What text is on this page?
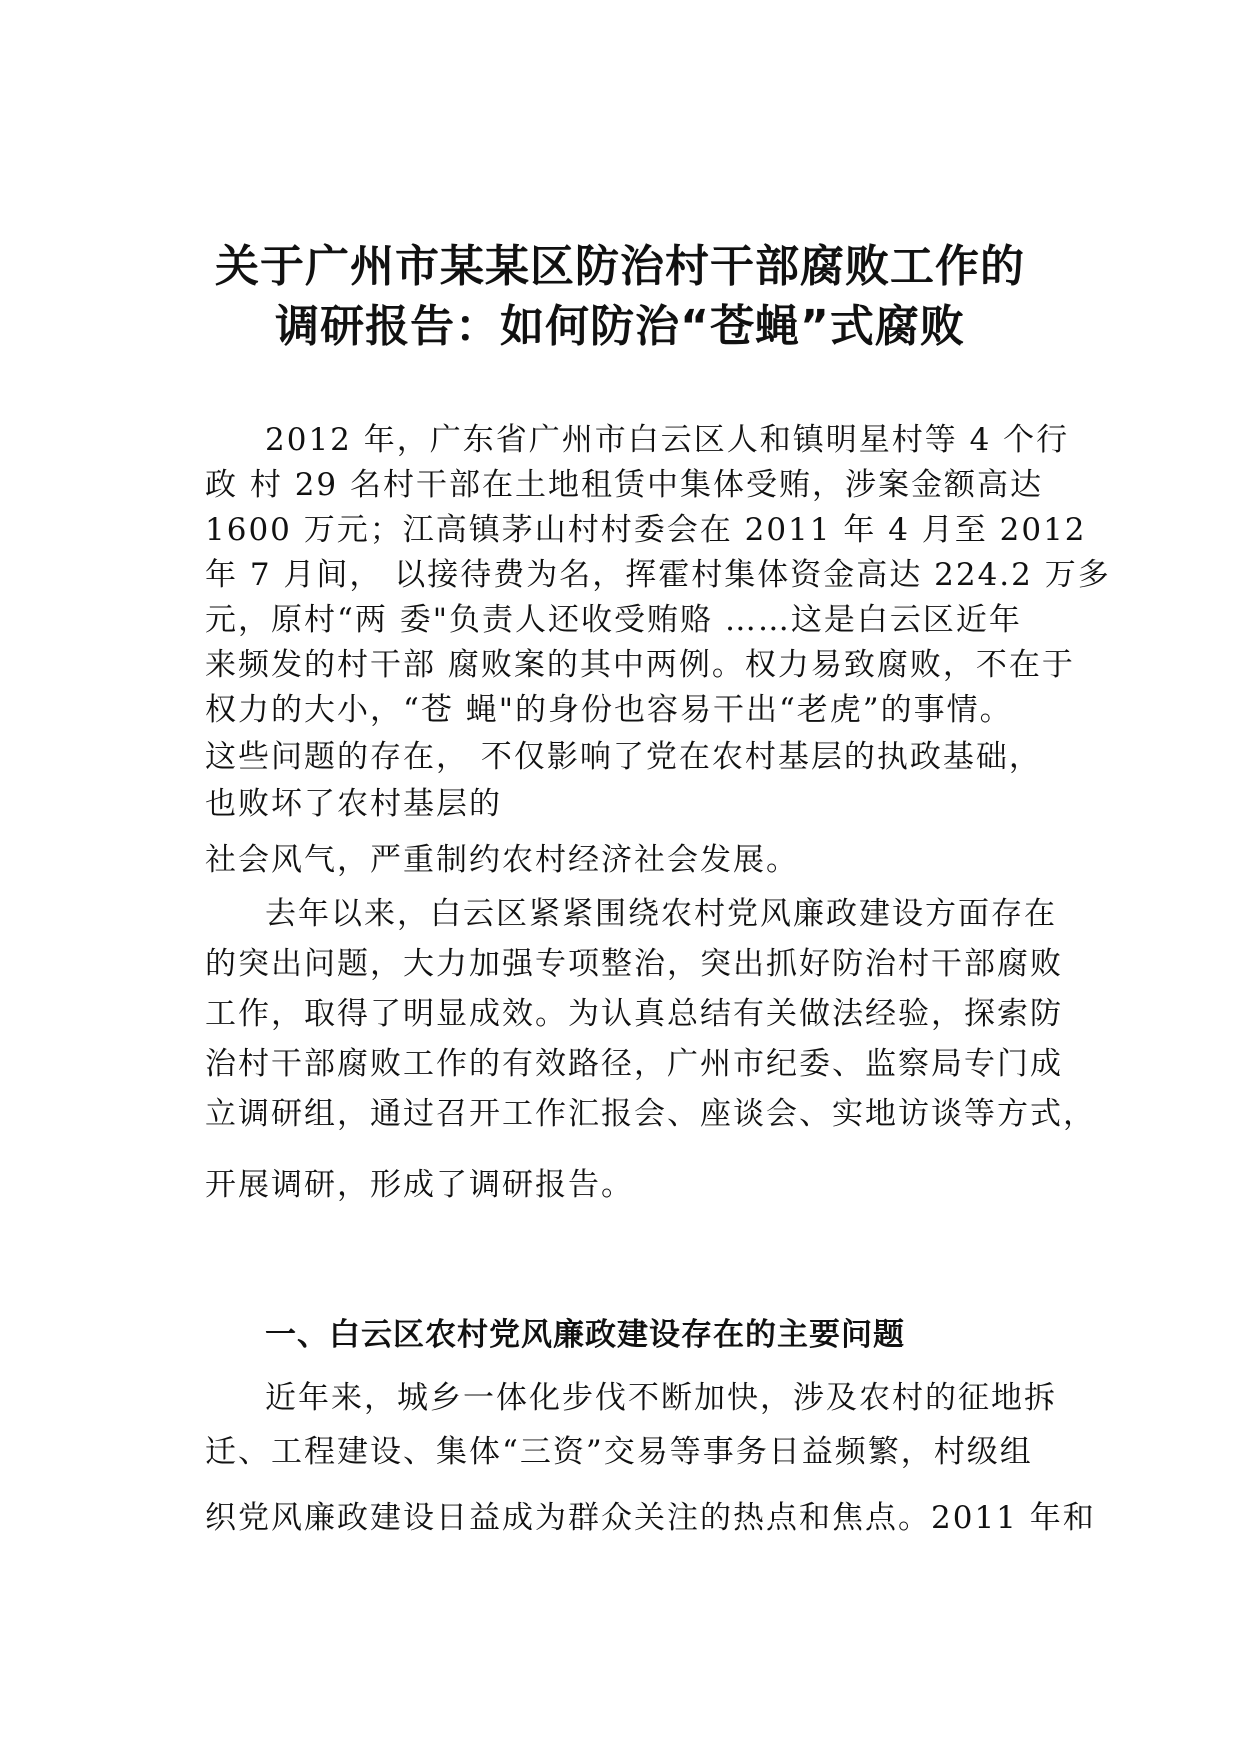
关于广州市某某区防治村干部腐败工作的
调研报告：如何防治“苍蝇”式腐败
2012 年，广东省广州市白云区人和镇明星村等 4 个行
政 村 29 名村干部在土地租赁中集体受贿，涉案金额高达
1600 万元；江高镇茅山村村委会在 2011 年 4 月至 2012
年 7 月间， 以接待费为名，挥霍村集体资金高达 224.2 万多
元，原村“两 委"负责人还收受贿赂 ……这是白云区近年
来频发的村干部 腐败案的其中两例。权力易致腐败，不在于
权力的大小，“苍 蝇"的身份也容易干出“老虎”的事情。
这些问题的存在， 不仅影响了党在农村基层的执政基础，
也败坏了农村基层的
社会风气，严重制约农村经济社会发展。
去年以来，白云区紧紧围绕农村党风廉政建设方面存在
的突出问题，大力加强专项整治，突出抓好防治村干部腐败
工作，取得了明显成效。为认真总结有关做法经验，探索防
治村干部腐败工作的有效路径，广州市纪委、监察局专门成
立调研组，通过召开工作汇报会、座谈会、实地访谈等方式，
开展调研，形成了调研报告。
一、白云区农村党风廉政建设存在的主要问题
近年来，城乡一体化步伐不断加快，涉及农村的征地拆
迁、工程建设、集体“三资”交易等事务日益频繁，村级组
织党风廉政建设日益成为群众关注的热点和焦点。2011 年和
